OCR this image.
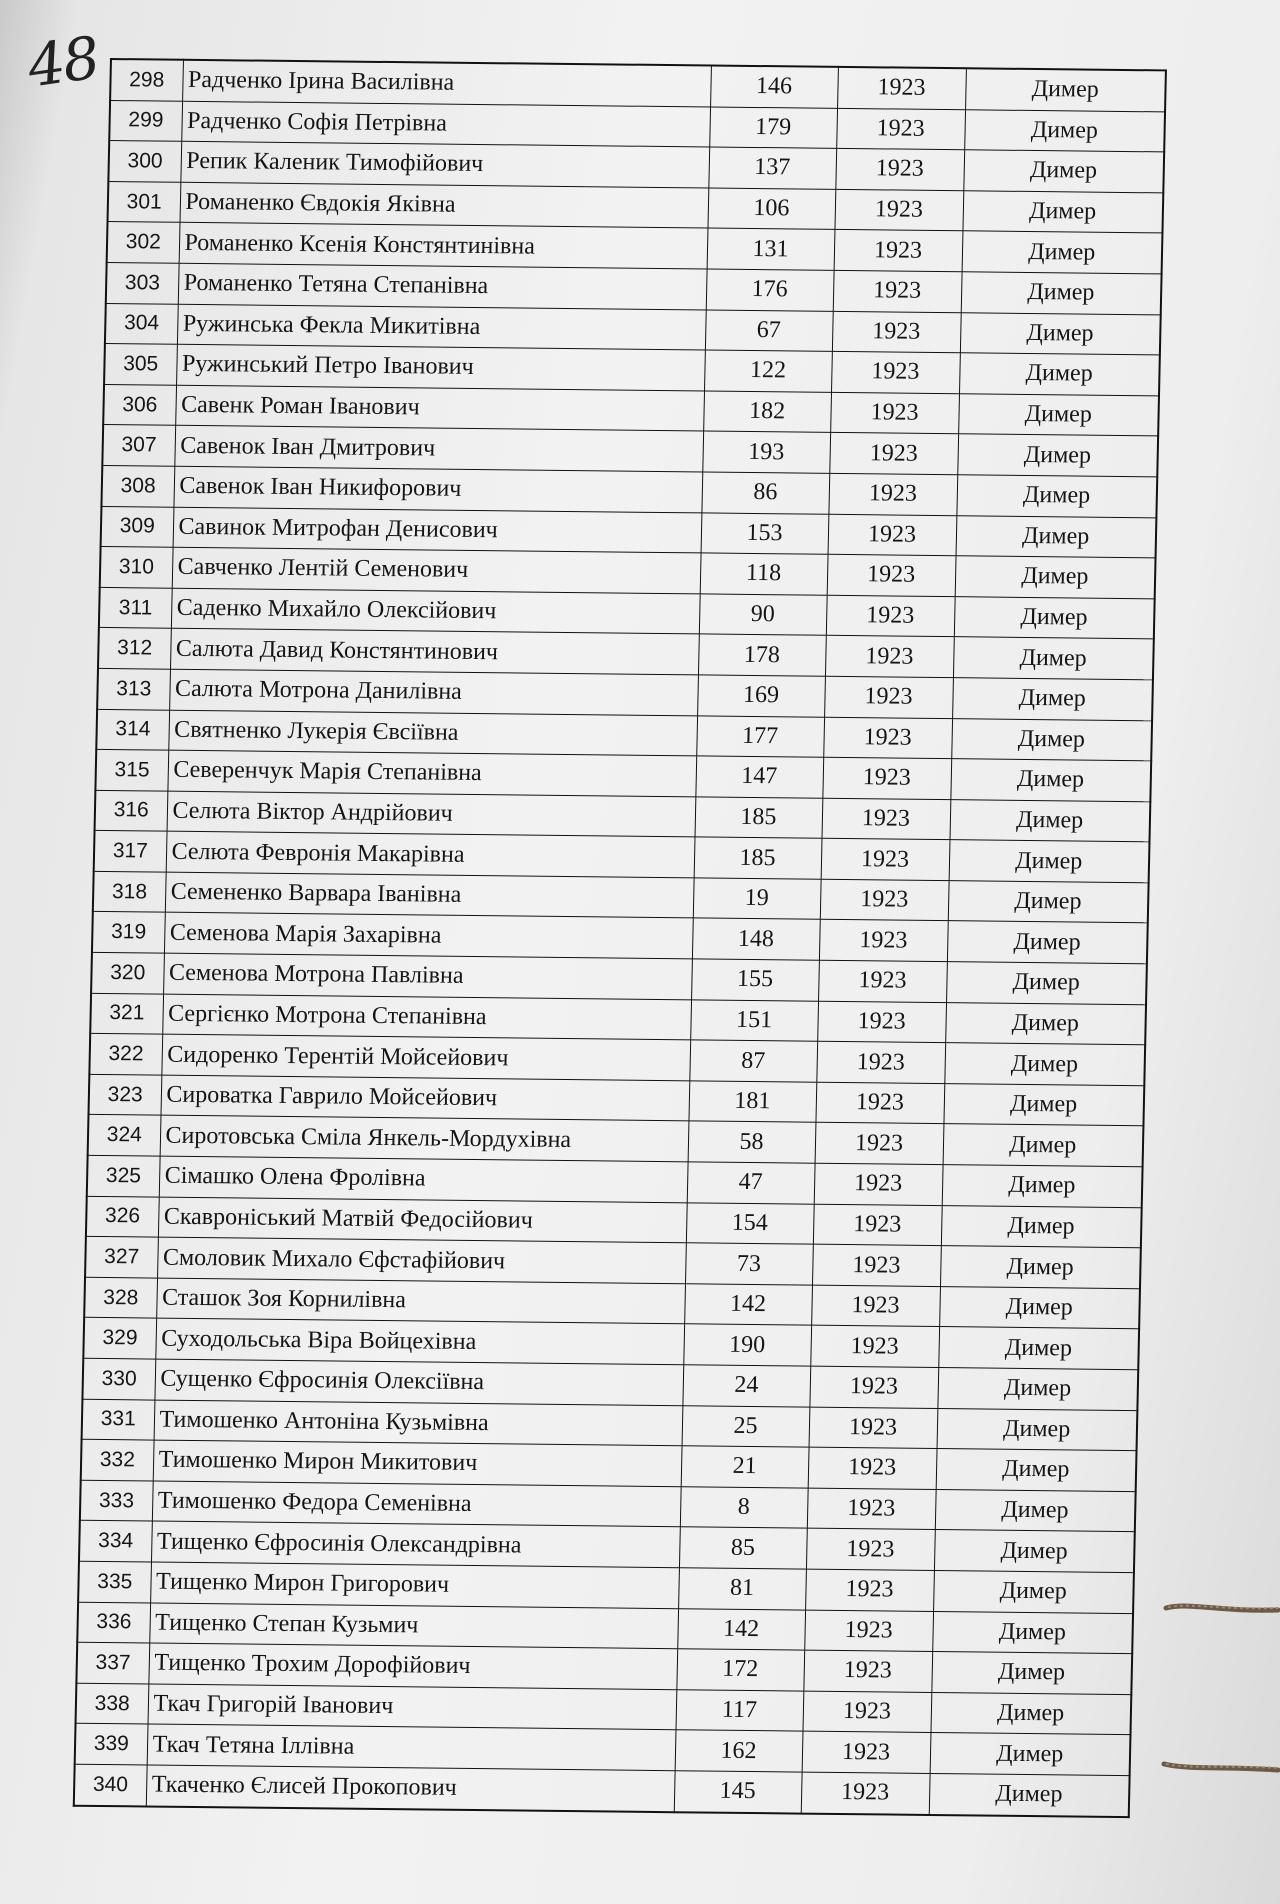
48 298	Радченко Ірина Василівна	146	1923	Димер
299	Радченко Софія Петрівна	179	1923	Димер
300	Репик Каленик Тимофійович	137	1923	Димер
301	Романенко Євдокія Яківна	106	1923	Димер
302	Романенко Ксенія Констянтинівна	131	1923	Димер
303	Романенко Тетяна Степанівна	176	1923	Димер
304	Ружинська Фекла Микитівна	67	1923	Димер
305	Ружинський Петро Іванович	122	1923	Димер
306	Савенк Роман Іванович	182	1923	Димер
307	Савенок Іван Дмитрович	193	1923	Димер
308	Савенок Іван Никифорович	86	1923	Димер
309	Савинок Митрофан Денисович	153	1923	Димер
310	Савченко Лентій Семенович	118	1923	Димер
311	Саденко Михайло Олексійович	90	1923	Димер
312	Салюта Давид Констянтинович	178	1923	Димер
313	Салюта Мотрона Данилівна	169	1923	Димер
314	Святненко Лукерія Євсіївна	177	1923	Димер
315	Северенчук Марія Степанівна	147	1923	Димер
316	Селюта Віктор Андрійович	185	1923	Димер
317	Селюта Февронія Макарівна	185	1923	Димер
318	Семененко Варвара Іванівна	19	1923	Димер
319	Семенова Марія Захарівна	148	1923	Димер
320	Семенова Мотрона Павлівна	155	1923	Димер
321	Сергієнко Мотрона Степанівна	151	1923	Димер
322	Сидоренко Терентій Мойсейович	87	1923	Димер
323	Сироватка Гаврило Мойсейович	181	1923	Димер
324	Сиротовська Сміла Янкель-Мордухівна	58	1923	Димер
325	Сімашко Олена Фролівна	47	1923	Димер
326	Скавроніський Матвій Федосійович	154	1923	Димер
327	Смоловик Михало Єфстафійович	73	1923	Димер
328	Сташок Зоя Корнилівна	142	1923	Димер
329	Суходольська Віра Войцехівна	190	1923	Димер
330	Сущенко Єфросинія Олексіївна	24	1923	Димер
331	Тимошенко Антоніна Кузьмівна	25	1923	Димер
332	Тимошенко Мирон Микитович	21	1923	Димер
333	Тимошенко Федора Семенівна	8	1923	Димер
334	Тищенко Єфросинія Олександрівна	85	1923	Димер
335	Тищенко Мирон Григорович	81	1923	Димер
336	Тищенко Степан Кузьмич	142	1923	Димер
337	Тищенко Трохим Дорофійович	172	1923	Димер
338	Ткач Григорій Іванович	117	1923	Димер
339	Ткач Тетяна Іллівна	162	1923	Димер
340	Ткаченко Єлисей Прокопович	145	1923	Димер
